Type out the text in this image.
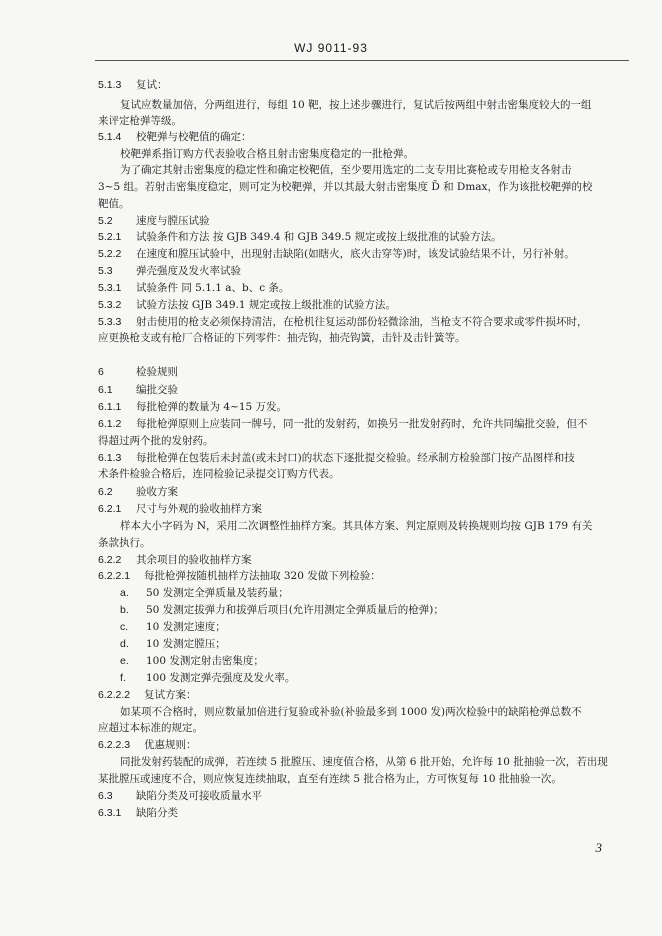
WJ 9011-93
5.1.3 复试：
复试应数量加倍，分两组进行，每组 10 靶，按上述步骤进行，复试后按两组中射击密集度较大的一组
来评定枪弹等级。
5.1.4 校靶弹与校靶值的确定：
校靶弹系指订购方代表验收合格且射击密集度稳定的一批枪弹。
为了确定其射击密集度的稳定性和确定校靶值，至少要用选定的二支专用比赛枪或专用枪支各射击
3~5 组。若射击密集度稳定，则可定为校靶弹，并以其最大射击密集度 D̄ 和 Dmax，作为该批校靶弹的校
靶值。
5.2 速度与膛压试验
5.2.1 试验条件和方法 按 GJB 349.4 和 GJB 349.5 规定或按上级批准的试验方法。
5.2.2 在速度和膛压试验中，出现射击缺陷(如瞎火，底火击穿等)时，该发试验结果不计，另行补射。
5.3 弹壳强度及发火率试验
5.3.1 试验条件 同 5.1.1 a、b、c 条。
5.3.2 试验方法按 GJB 349.1 规定或按上级批准的试验方法。
5.3.3 射击使用的枪支必须保持清洁，在枪机往复运动部份轻微涂油，当枪支不符合要求或零件损坏时，
应更换枪支或有枪厂合格证的下列零件：抽壳钩，抽壳钩簧，击针及击针簧等。
6	检验规则
6.1 编批交验
6.1.1 每批枪弹的数量为 4~15 万发。
6.1.2 每批枪弹原则上应装同一牌号，同一批的发射药，如换另一批发射药时，允许共同编批交验，但不
得超过两个批的发射药。
6.1.3 每批枪弹在包装后未封盖(或未封口)的状态下逐批提交检验。经承制方检验部门按产品图样和技
术条件检验合格后，连同检验记录提交订购方代表。
6.2 验收方案
6.2.1 尺寸与外观的验收抽样方案
样本大小字码为 N，采用二次调整性抽样方案。其具体方案、判定原则及转换规则均按 GJB 179 有关
条款执行。
6.2.2 其余项目的验收抽样方案
6.2.2.1 每批枪弹按随机抽样方法抽取 320 发做下列检验：
a. 50 发测定全弹质量及装药量；
b. 50 发测定拔弹力和拔弹后项目(允许用测定全弹质量后的枪弹)；
c. 10 发测定速度；
d. 10 发测定膛压；
e. 100 发测定射击密集度；
f. 100 发测定弹壳强度及发火率。
6.2.2.2 复试方案：
如某项不合格时，则应数量加倍进行复验或补验(补验最多到 1000 发)两次检验中的缺陷枪弹总数不
应超过本标准的规定。
6.2.2.3 优惠规则：
同批发射药装配的成弹，若连续 5 批膛压、速度值合格，从第 6 批开始，允许每 10 批抽验一次，若出现
某批膛压或速度不合，则应恢复连续抽取，直至有连续 5 批合格为止，方可恢复每 10 批抽验一次。
6.3 缺陷分类及可接收质量水平
6.3.1 缺陷分类
3
